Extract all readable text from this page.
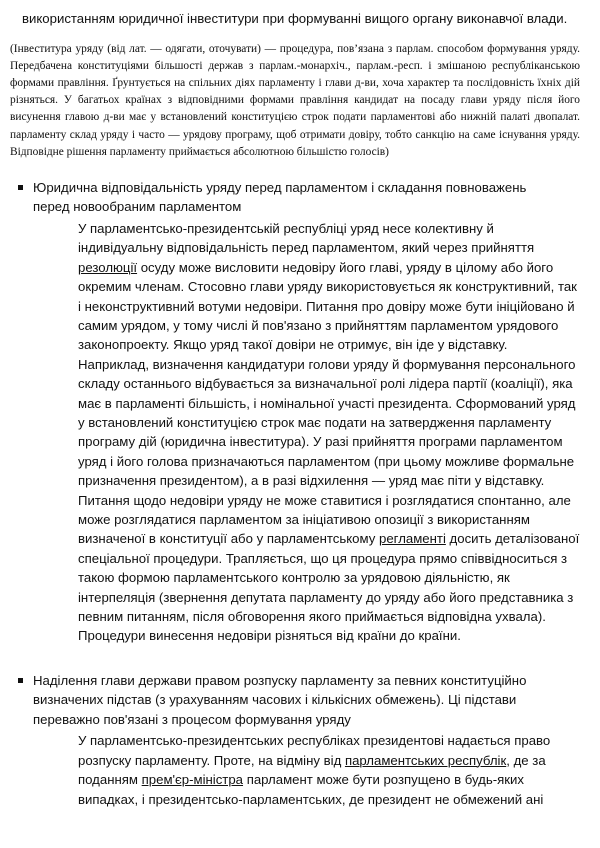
використанням юридичної інвеститури при формуванні вищого органу виконавчої влади.

(Інвеститура уряду (від лат. — одягати, оточувати) — процедура, пов’язана з парлам. способом формування уряду. Передбачена конституціями більшості держав з парлам.-монархіч., парлам.-респ. і змішаною республіканською формами правління. Ґрунтується на спільних діях парламенту і глави д-ви, хоча характер та послідовність їхніх дій різняться. У багатьох країнах з відповідними формами правління кандидат на посаду глави уряду після його висунення главою д-ви має у встановлений конституцією строк подати парламентові або нижній палаті двопалат. парламенту склад уряду і часто — урядову програму, щоб отримати довіру, тобто санкцію на саме існування уряду. Відповідне рішення парламенту приймається абсолютною більшістю голосів)

Юридична відповідальність уряду перед парламентом і складання повноважень перед новообраним парламентом

У парламентсько-президентській республіці уряд несе колективну й індивідуальну відповідальність перед парламентом, який через прийняття резолюції осуду може висловити недовіру його главі, уряду в цілому або його окремим членам. Стосовно глави уряду використовується як конструктивний, так і неконструктивний вотуми недовіри. Питання про довіру може бути ініційовано й самим урядом, у тому числі й пов'язано з прийняттям парламентом урядового законопроекту. Якщо уряд такої довіри не отримує, він іде у відставку.

Наприклад, визначення кандидатури голови уряду й формування персонального складу останнього відбувається за визначальної ролі лідера партії (коаліції), яка має в парламенті більшість, і номінальної участі президента. Сформований уряд у встановлений конституцією строк має подати на затвердження парламенту програму дій (юридична інвеститура). У разі прийняття програми парламентом уряд і його голова призначаються парламентом (при цьому можливе формальне призначення президентом), а в разі відхилення — уряд має піти у відставку.

Питання щодо недовіри уряду не може ставитися і розглядатися спонтанно, але може розглядатися парламентом за ініціативою опозиції з використанням визначеної в конституції або у парламентському регламенті досить деталізованої спеціальної процедури. Трапляється, що ця процедура прямо співвідноситься з такою формою парламентського контролю за урядовою діяльністю, як інтерпеляція (звернення депутата парламенту до уряду або його представника з певним питанням, після обговорення якого приймається відповідна ухвала).

Процедури винесення недовіри різняться від країни до країни.

Наділення глави держави правом розпуску парламенту за певних конституційно визначених підстав (з урахуванням часових і кількісних обмежень). Ці підстави переважно пов'язані з процесом формування уряду

У парламентсько-президентських республіках президентові надається право розпуску парламенту. Проте, на відміну від парламентських республік, де за поданням прем'єр-міністра парламент може бути розпущено в будь-яких випадках, і президентсько-парламентських, де президент не обмежений ані
